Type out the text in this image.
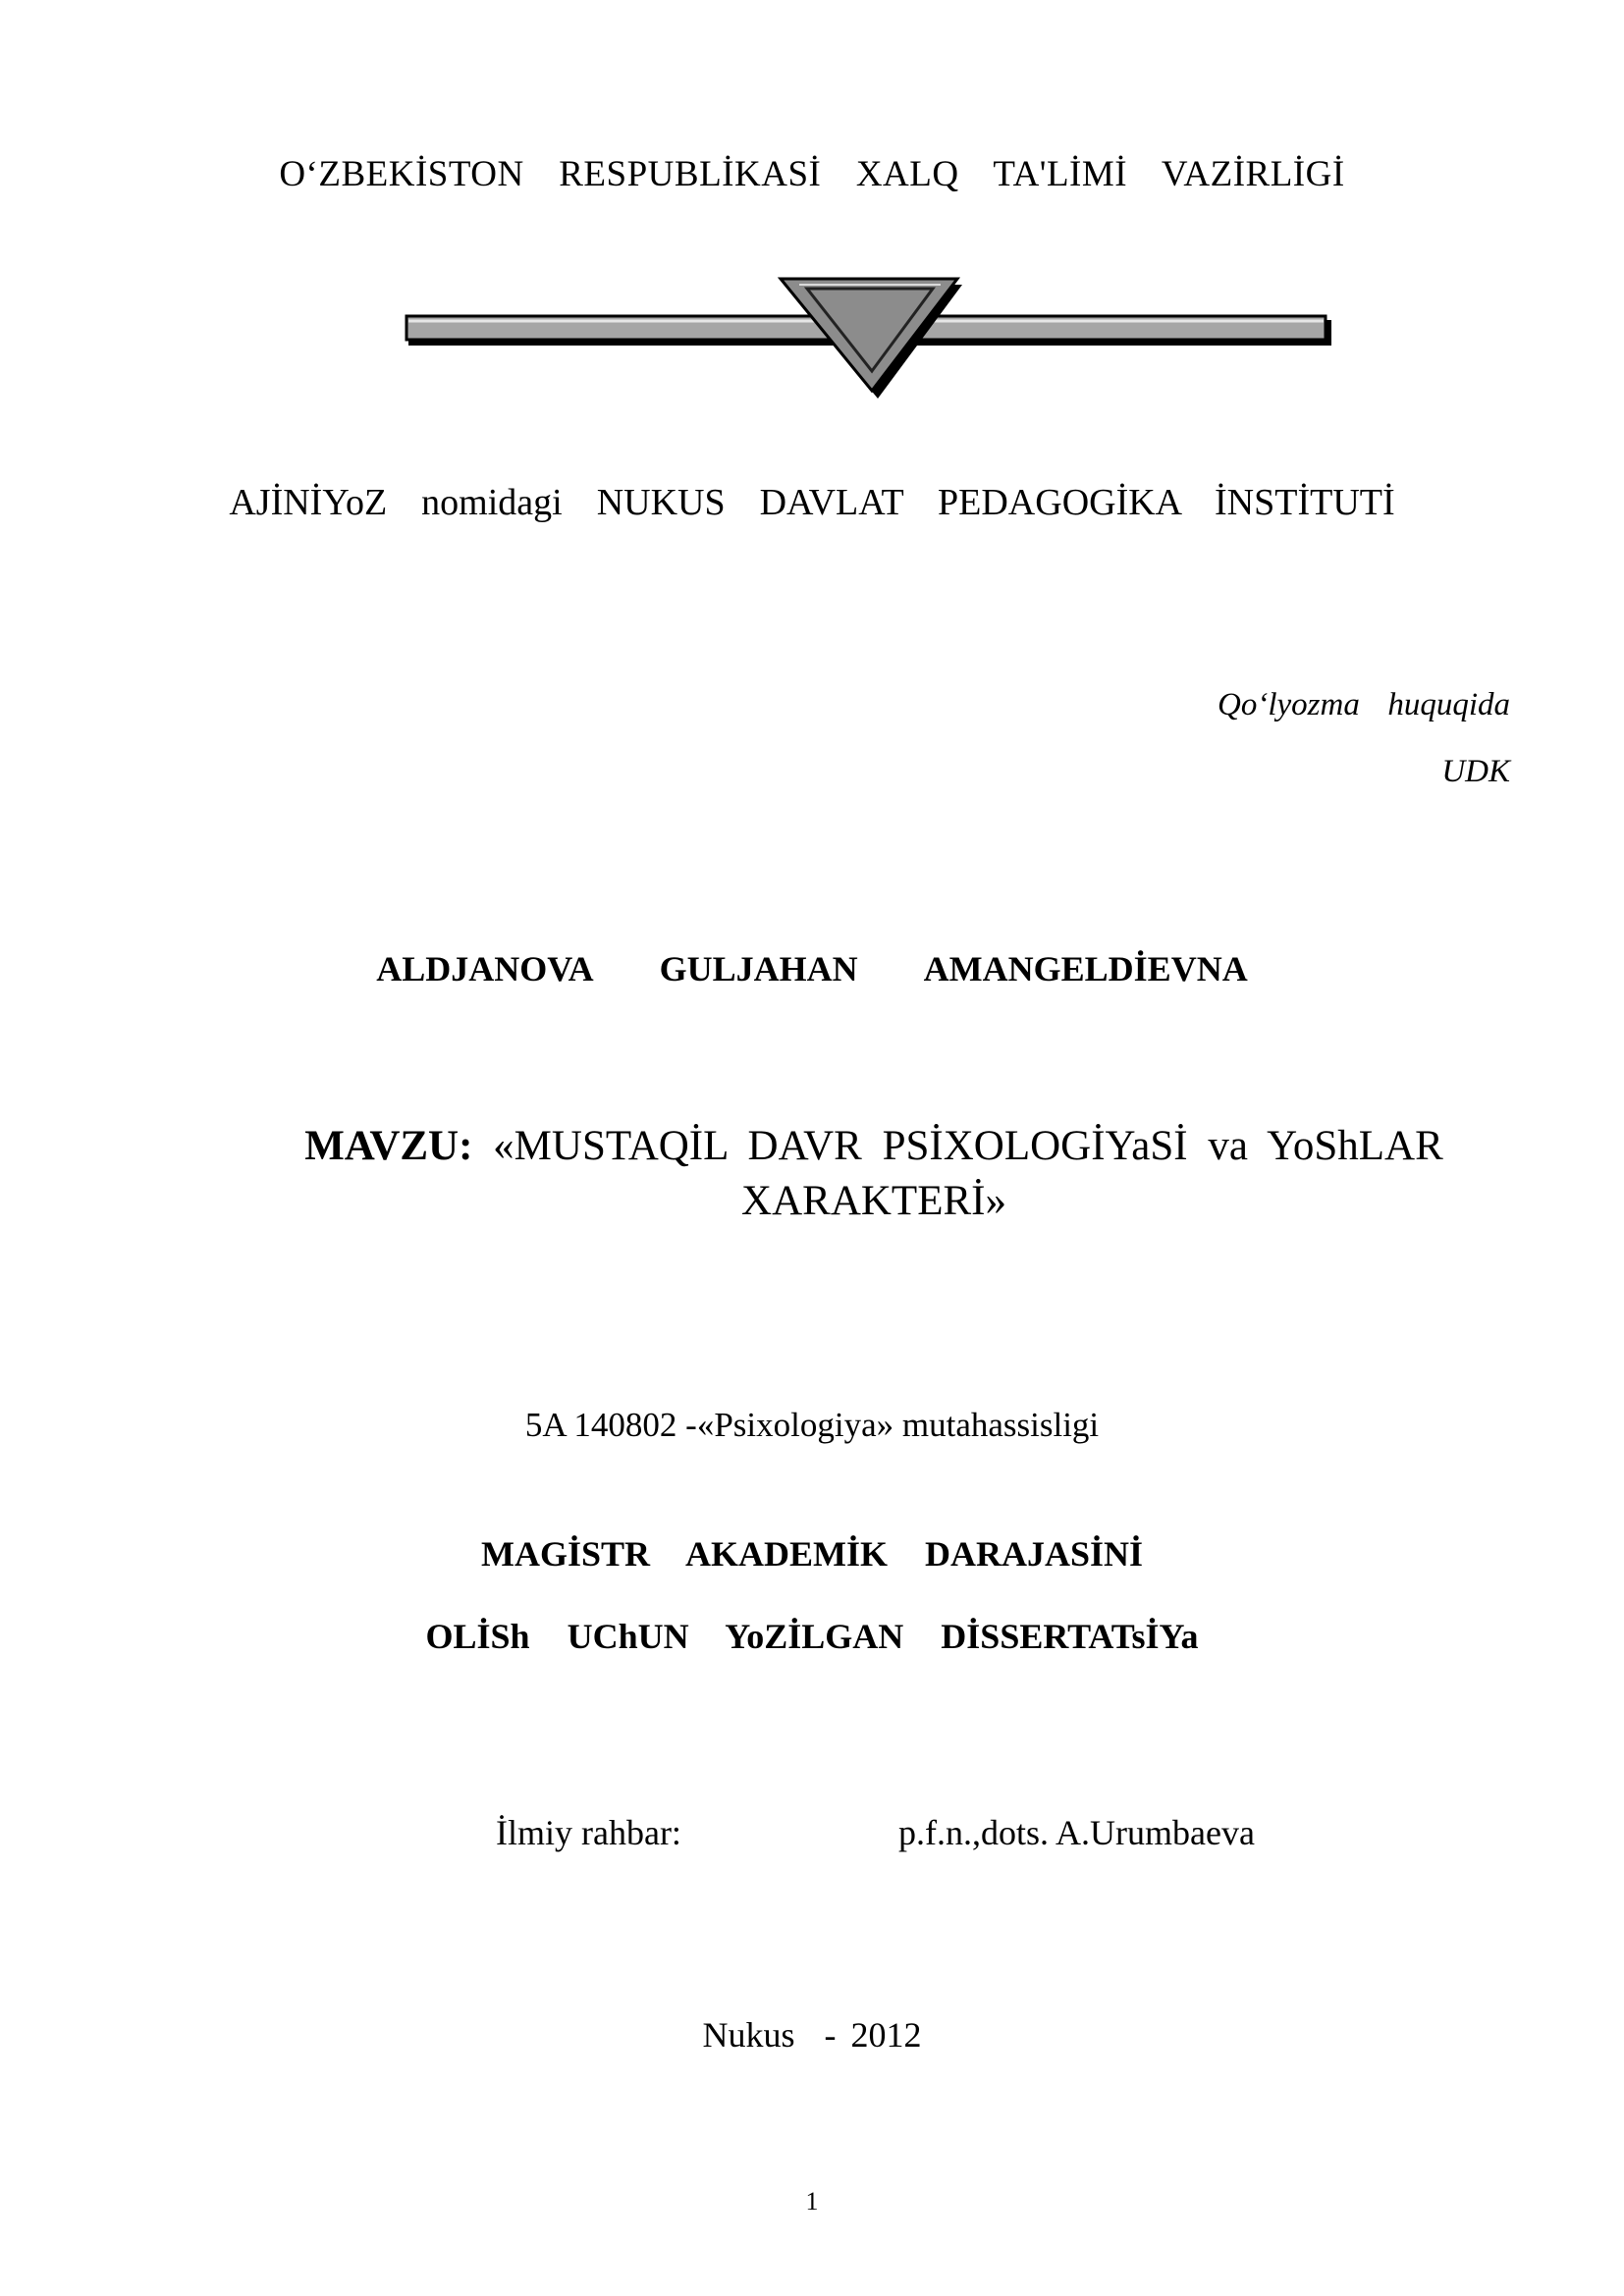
O‘ZBEKİSTON  RESPUBLİKASİ  XALQ  TA'LİMİ  VAZİRLİGİ
AJİNİYoZ  nomidagi  NUKUS  DAVLAT  PEDAGOGİKA  İNSTİTUTİ
Qo‘lyozma  huquqida
UDK
ALDJANOVA   GULJAHAN   AMANGELDİEVNA
MAVZU: «MUSTAQİL DAVR PSİXOLOGİYaSİ va YoShLAR
XARAKTERİ»
5A 140802 -«Psixologiya» mutahassisligi
MAGİSTR  AKADEMİK  DARAJASİNİ
OLİSh  UChUN  YoZİLGAN  DİSSERTATsİYa
İlmiy rahbar:	p.f.n.,dots. A.Urumbaeva
Nukus  - 2012
1
